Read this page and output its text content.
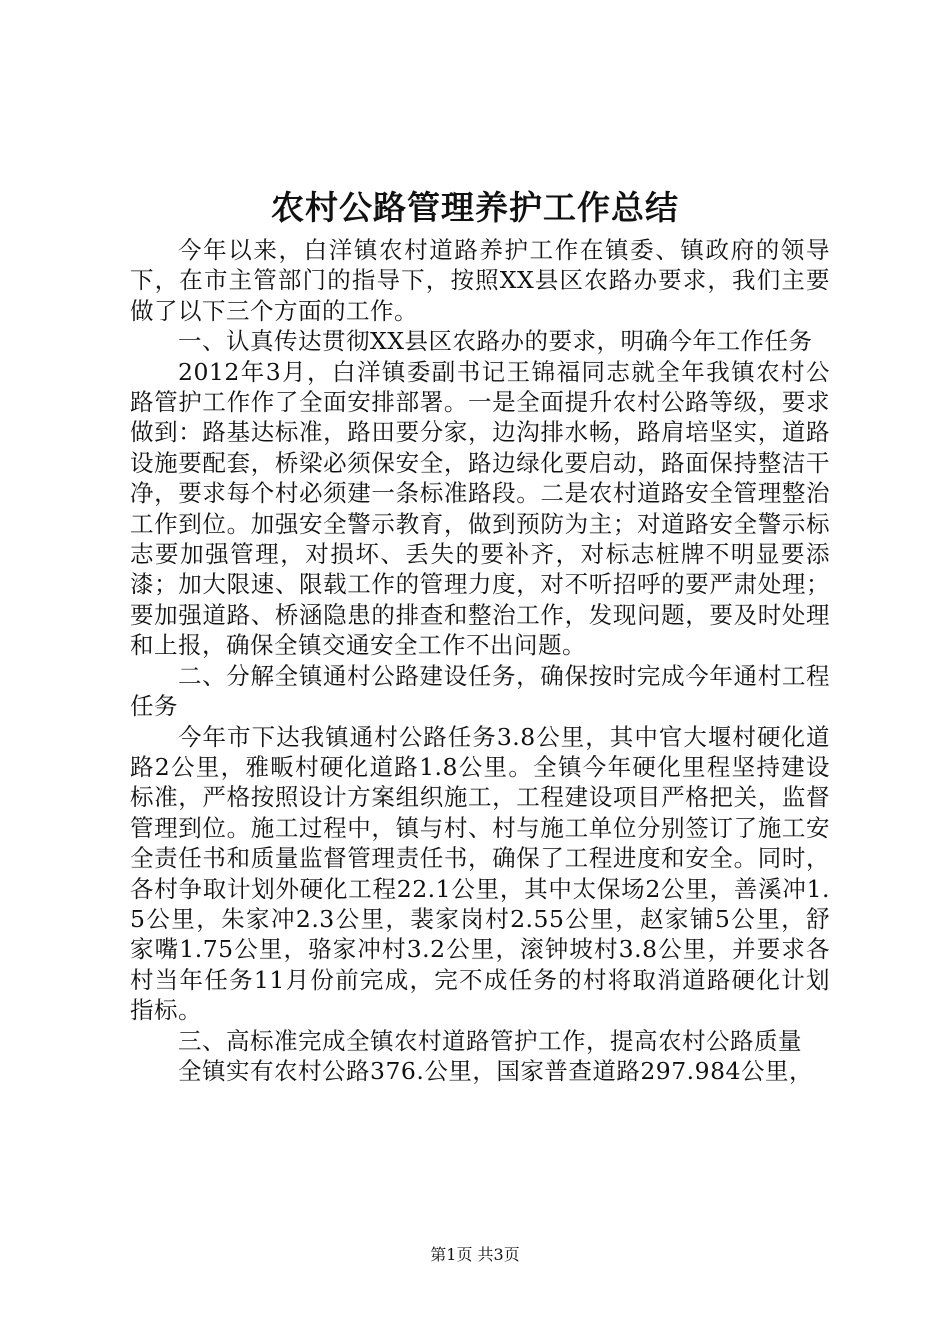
农村公路管理养护工作总结

今年以来，白洋镇农村道路养护工作在镇委、镇政府的领导下，在市主管部门的指导下，按照XX县区农路办要求，我们主要做了以下三个方面的工作。

一、认真传达贯彻XX县区农路办的要求，明确今年工作任务

2012年3月，白洋镇委副书记王锦福同志就全年我镇农村公路管护工作作了全面安排部署。一是全面提升农村公路等级，要求做到：路基达标准，路田要分家，边沟排水畅，路肩培坚实，道路设施要配套，桥梁必须保安全，路边绿化要启动，路面保持整洁干净，要求每个村必须建一条标准路段。二是农村道路安全管理整治工作到位。加强安全警示教育，做到预防为主；对道路安全警示标志要加强管理，对损坏、丢失的要补齐，对标志桩牌不明显要添漆；加大限速、限载工作的管理力度，对不听招呼的要严肃处理；要加强道路、桥涵隐患的排查和整治工作，发现问题，要及时处理和上报，确保全镇交通安全工作不出问题。

二、分解全镇通村公路建设任务，确保按时完成今年通村工程任务

今年市下达我镇通村公路任务3.8公里，其中官大堰村硬化道路2公里，雅畈村硬化道路1.8公里。全镇今年硬化里程坚持建设标准，严格按照设计方案组织施工，工程建设项目严格把关，监督管理到位。施工过程中，镇与村、村与施工单位分别签订了施工安全责任书和质量监督管理责任书，确保了工程进度和安全。同时，各村争取计划外硬化工程22.1公里，其中太保场2公里，善溪冲1.5公里，朱家冲2.3公里，裴家岗村2.55公里，赵家铺5公里，舒家嘴1.75公里，骆家冲村3.2公里，滚钟坡村3.8公里，并要求各村当年任务11月份前完成，完不成任务的村将取消道路硬化计划指标。

三、高标准完成全镇农村道路管护工作，提高农村公路质量

全镇实有农村公路376.公里，国家普查道路297.984公里，

第1页 共3页
